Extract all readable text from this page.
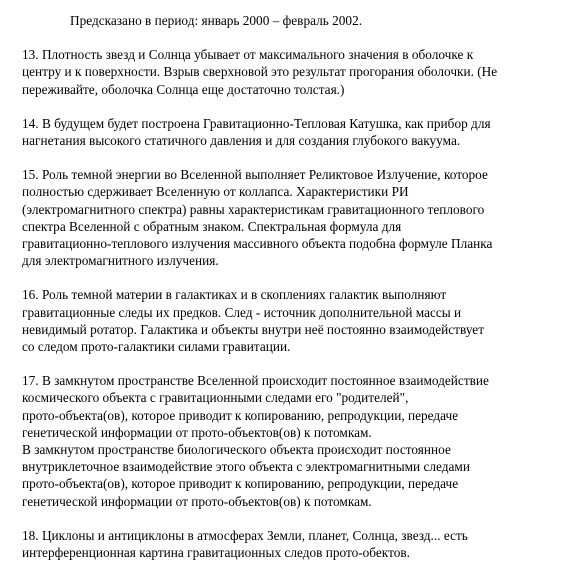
Предсказано в период: январь 2000 – февраль 2002.
13. Плотность звезд и Солнца убывает от максимального значения в оболочке к
центру и к поверхности. Взрыв сверхновой это результат прогорания оболочки. (Не
переживайте, оболочка Солнца еще достаточно толстая.)
14. В будущем будет построена Гравитационно-Тепловая Катушка, как прибор для
нагнетания высокого статичного давления и для создания глубокого вакуума.
15. Роль темной энергии во Вселенной выполняет Реликтовое Излучение, которое
полностью сдерживает Вселенную от коллапса. Характеристики РИ
(электромагнитного спектра) равны характеристикам гравитационного теплового
спектра Вселенной с обратным знаком. Спектральная формула для
гравитационно-теплового излучения массивного объекта подобна формуле Планка
для электромагнитного излучения.
16. Роль темной материи в галактиках и в скоплениях галактик выполняют
гравитационные следы их предков. След - источник дополнительной массы и
невидимый ротатор. Галактика и объекты внутри неё постоянно взаимодействует
со следом прото-галактики силами гравитации.
17. В замкнутом пространстве Вселенной происходит постоянное взаимодействие
космического объекта с гравитационными следами его "родителей",
прото-объекта(ов), которое приводит к копированию, репродукции, передаче
генетической информации от прото-объектов(ов) к потомкам.
В замкнутом пространстве биологического объекта происходит постоянное
внутриклеточное взаимодействие этого объекта с электромагнитными следами
прото-объекта(ов), которое приводит к копированию, репродукции, передаче
генетической информации от прото-объектов(ов) к потомкам.
18. Циклоны и антициклоны в атмосферах Земли, планет, Солнца, звезд... есть
интерференционная картина гравитационных следов прото-обектов.
